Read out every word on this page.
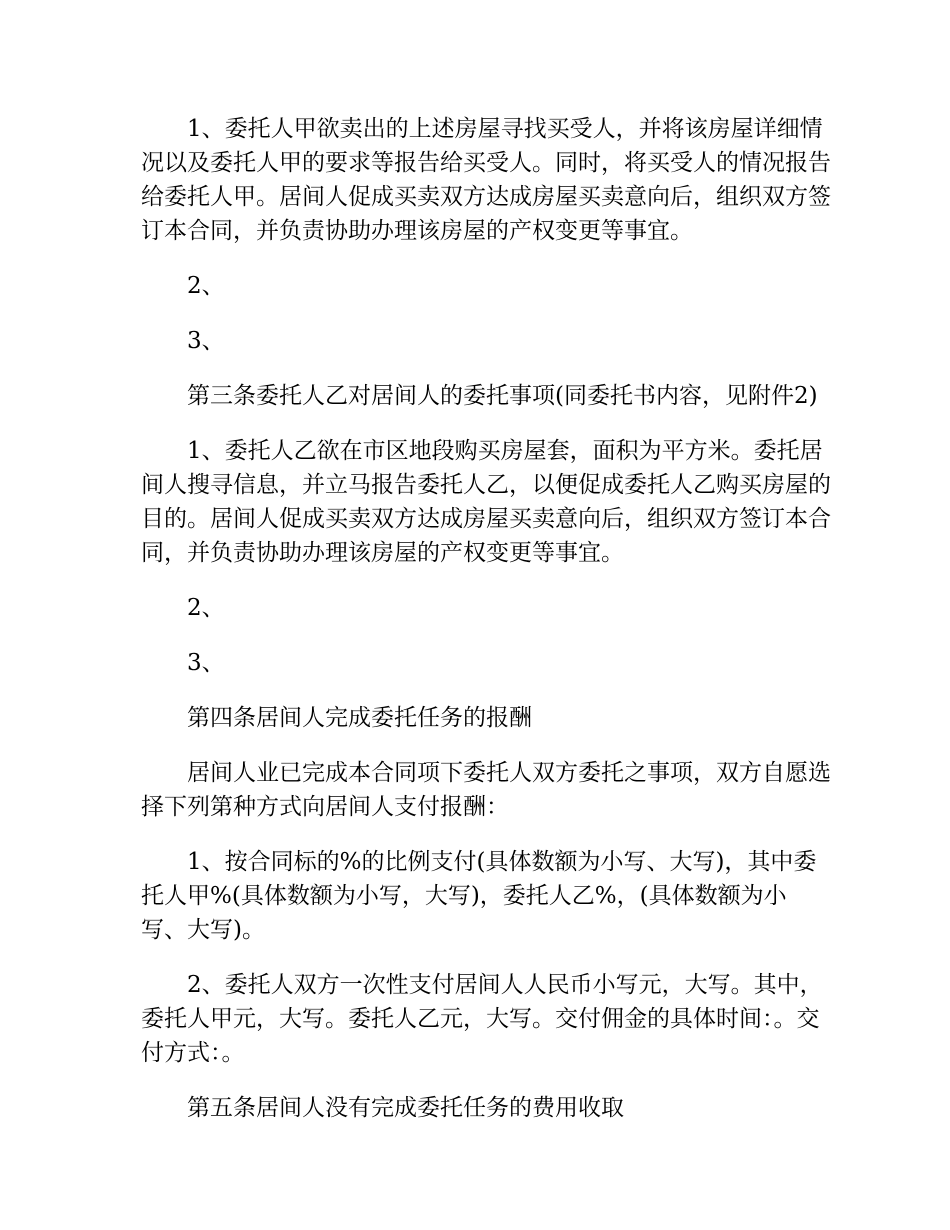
1、委托人甲欲卖出的上述房屋寻找买受人，并将该房屋详细情况以及委托人甲的要求等报告给买受人。同时，将买受人的情况报告给委托人甲。居间人促成买卖双方达成房屋买卖意向后，组织双方签订本合同，并负责协助办理该房屋的产权变更等事宜。

2、

3、

第三条委托人乙对居间人的委托事项(同委托书内容，见附件2)

1、委托人乙欲在市区地段购买房屋套，面积为平方米。委托居间人搜寻信息，并立马报告委托人乙，以便促成委托人乙购买房屋的目的。居间人促成买卖双方达成房屋买卖意向后，组织双方签订本合同，并负责协助办理该房屋的产权变更等事宜。

2、

3、

第四条居间人完成委托任务的报酬

居间人业已完成本合同项下委托人双方委托之事项，双方自愿选择下列第种方式向居间人支付报酬：

1、按合同标的%的比例支付(具体数额为小写、大写)，其中委托人甲%(具体数额为小写，大写)，委托人乙%，(具体数额为小写、大写)。

2、委托人双方一次性支付居间人人民币小写元，大写。其中，委托人甲元，大写。委托人乙元，大写。交付佣金的具体时间：。交付方式：。

第五条居间人没有完成委托任务的费用收取
